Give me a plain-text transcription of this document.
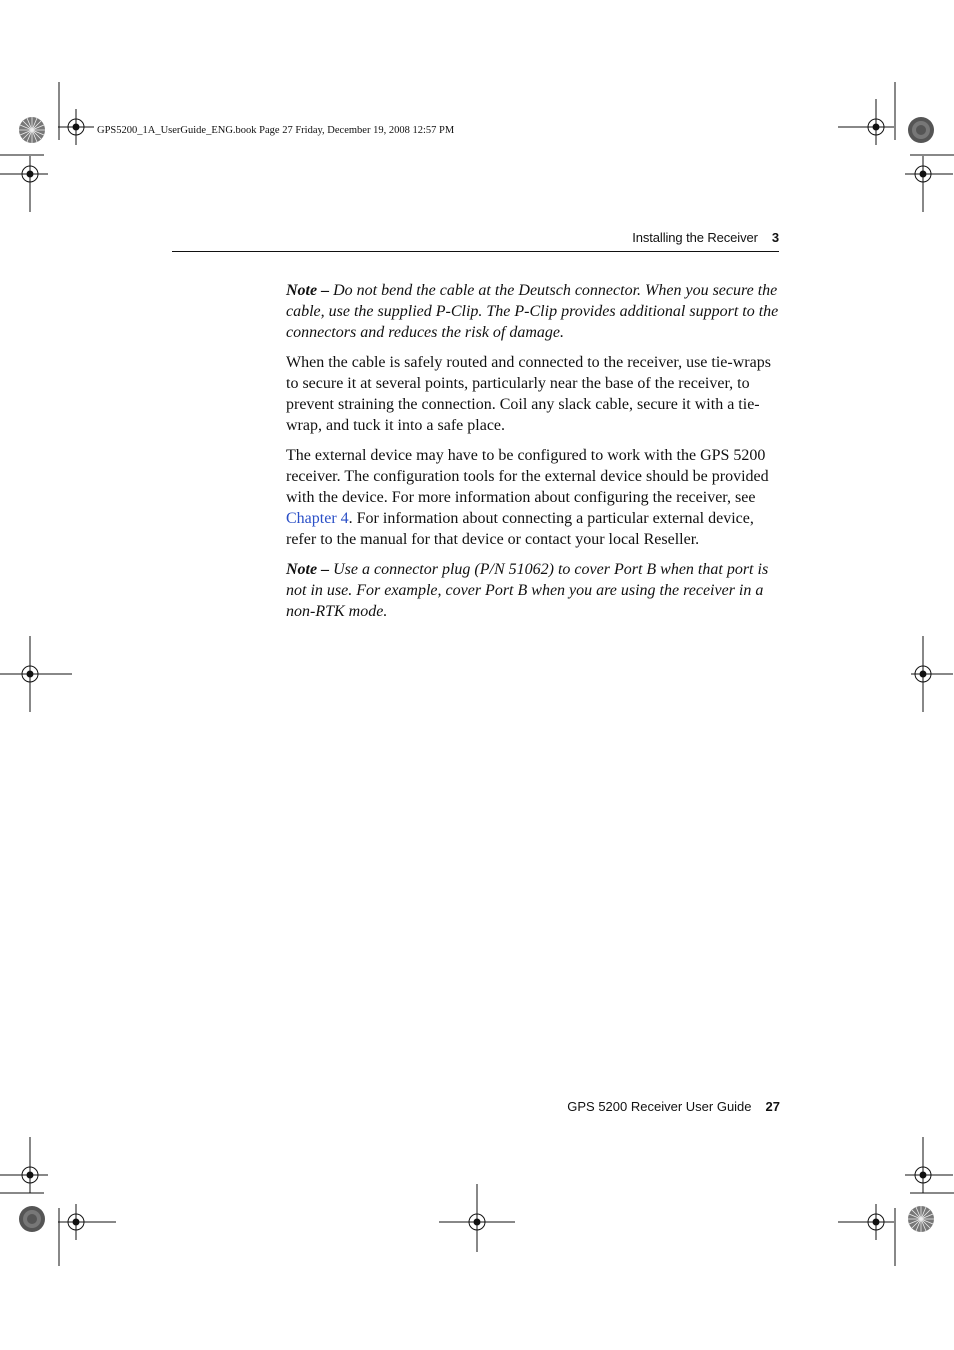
GPS5200_1A_UserGuide_ENG.book Page 27 Friday, December 19, 2008 12:57 PM
Installing the Receiver 3

Note – Do not bend the cable at the Deutsch connector. When you secure the cable, use the supplied P-Clip. The P-Clip provides additional support to the connectors and reduces the risk of damage.

When the cable is safely routed and connected to the receiver, use tie-wraps to secure it at several points, particularly near the base of the receiver, to prevent straining the connection. Coil any slack cable, secure it with a tie-wrap, and tuck it into a safe place.

The external device may have to be configured to work with the GPS 5200 receiver. The configuration tools for the external device should be provided with the device. For more information about configuring the receiver, see Chapter 4. For information about connecting a particular external device, refer to the manual for that device or contact your local Reseller.

Note – Use a connector plug (P/N 51062) to cover Port B when that port is not in use. For example, cover Port B when you are using the receiver in a non-RTK mode.

GPS 5200 Receiver User Guide 27
